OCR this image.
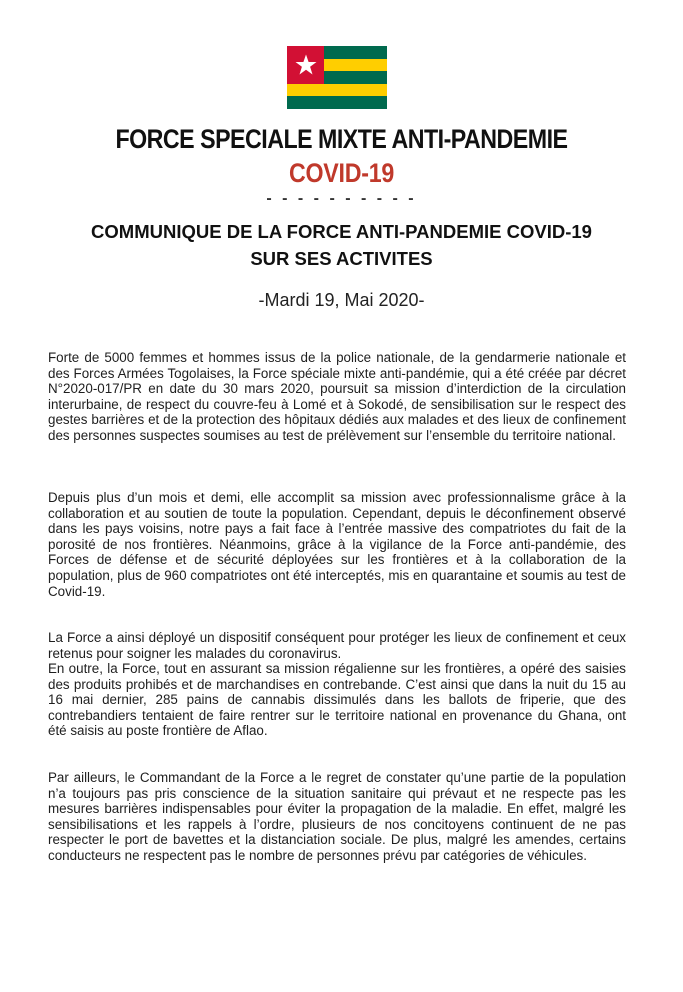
FORCE SPECIALE MIXTE ANTI-PANDEMIE
COVID-19
- - - - - - - - - -
COMMUNIQUE DE LA FORCE ANTI-PANDEMIE COVID-19
SUR SES ACTIVITES
-Mardi 19, Mai 2020-

Forte de 5000 femmes et hommes issus de la police nationale, de la gendarmerie nationale et des Forces Armées Togolaises, la Force spéciale mixte anti-pandémie, qui a été créée par décret N°2020-017/PR en date du 30 mars 2020, poursuit sa mission d’interdiction de la circulation interurbaine, de respect du couvre-feu à Lomé et à Sokodé, de sensibilisation sur le respect des gestes barrières et de la protection des hôpitaux dédiés aux malades et des lieux de confinement des personnes suspectes soumises au test de prélèvement sur l’ensemble du territoire national.

Depuis plus d’un mois et demi, elle accomplit sa mission avec professionnalisme grâce à la collaboration et au soutien de toute la population. Cependant, depuis le déconfinement observé dans les pays voisins, notre pays a fait face à l’entrée massive des compatriotes du fait de la porosité de nos frontières. Néanmoins, grâce à la vigilance de la Force anti-pandémie, des Forces de défense et de sécurité déployées sur les frontières et à la collaboration de la population, plus de 960 compatriotes ont été interceptés, mis en quarantaine et soumis au test de Covid-19.

La Force a ainsi déployé un dispositif conséquent pour protéger les lieux de confinement et ceux retenus pour soigner les malades du coronavirus.

En outre, la Force, tout en assurant sa mission régalienne sur les frontières, a opéré des saisies des produits prohibés et de marchandises en contrebande. C’est ainsi que dans la nuit du 15 au 16 mai dernier, 285 pains de cannabis dissimulés dans les ballots de friperie, que des contrebandiers tentaient de faire rentrer sur le territoire national en provenance du Ghana, ont été saisis au poste frontière de Aflao.

Par ailleurs, le Commandant de la Force a le regret de constater qu’une partie de la population n’a toujours pas pris conscience de la situation sanitaire qui prévaut et ne respecte pas les mesures barrières indispensables pour éviter la propagation de la maladie. En effet, malgré les sensibilisations et les rappels à l’ordre, plusieurs de nos concitoyens continuent de ne pas respecter le port de bavettes et la distanciation sociale. De plus, malgré les amendes, certains conducteurs ne respectent pas le nombre de personnes prévu par catégories de véhicules.
